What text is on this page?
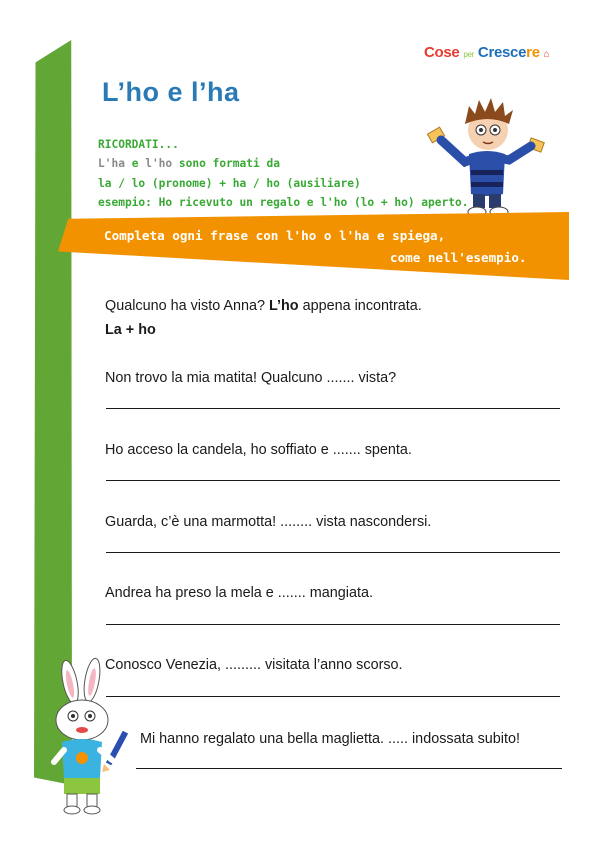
Cose per Crescere ⌂
L’ho e l’ha
RICORDATI...
L'ha e l'ho sono formati da
la / lo (pronome) + ha / ho (ausiliare)
esempio: Ho ricevuto un regalo e l'ho (lo + ho) aperto.
Completa ogni frase con l'ho o l'ha e spiega,
come nell'esempio.
Qualcuno ha visto Anna? L’ho appena incontrata.
La + ho
Non trovo la mia matita! Qualcuno ....... vista?
Ho acceso la candela, ho soffiato e ....... spenta.
Guarda, c’è una marmotta! ........ vista nascondersi.
Andrea ha preso la mela e ....... mangiata.
Conosco Venezia, ......... visitata l’anno scorso.
Mi hanno regalato una bella maglietta. ..... indossata subito!
